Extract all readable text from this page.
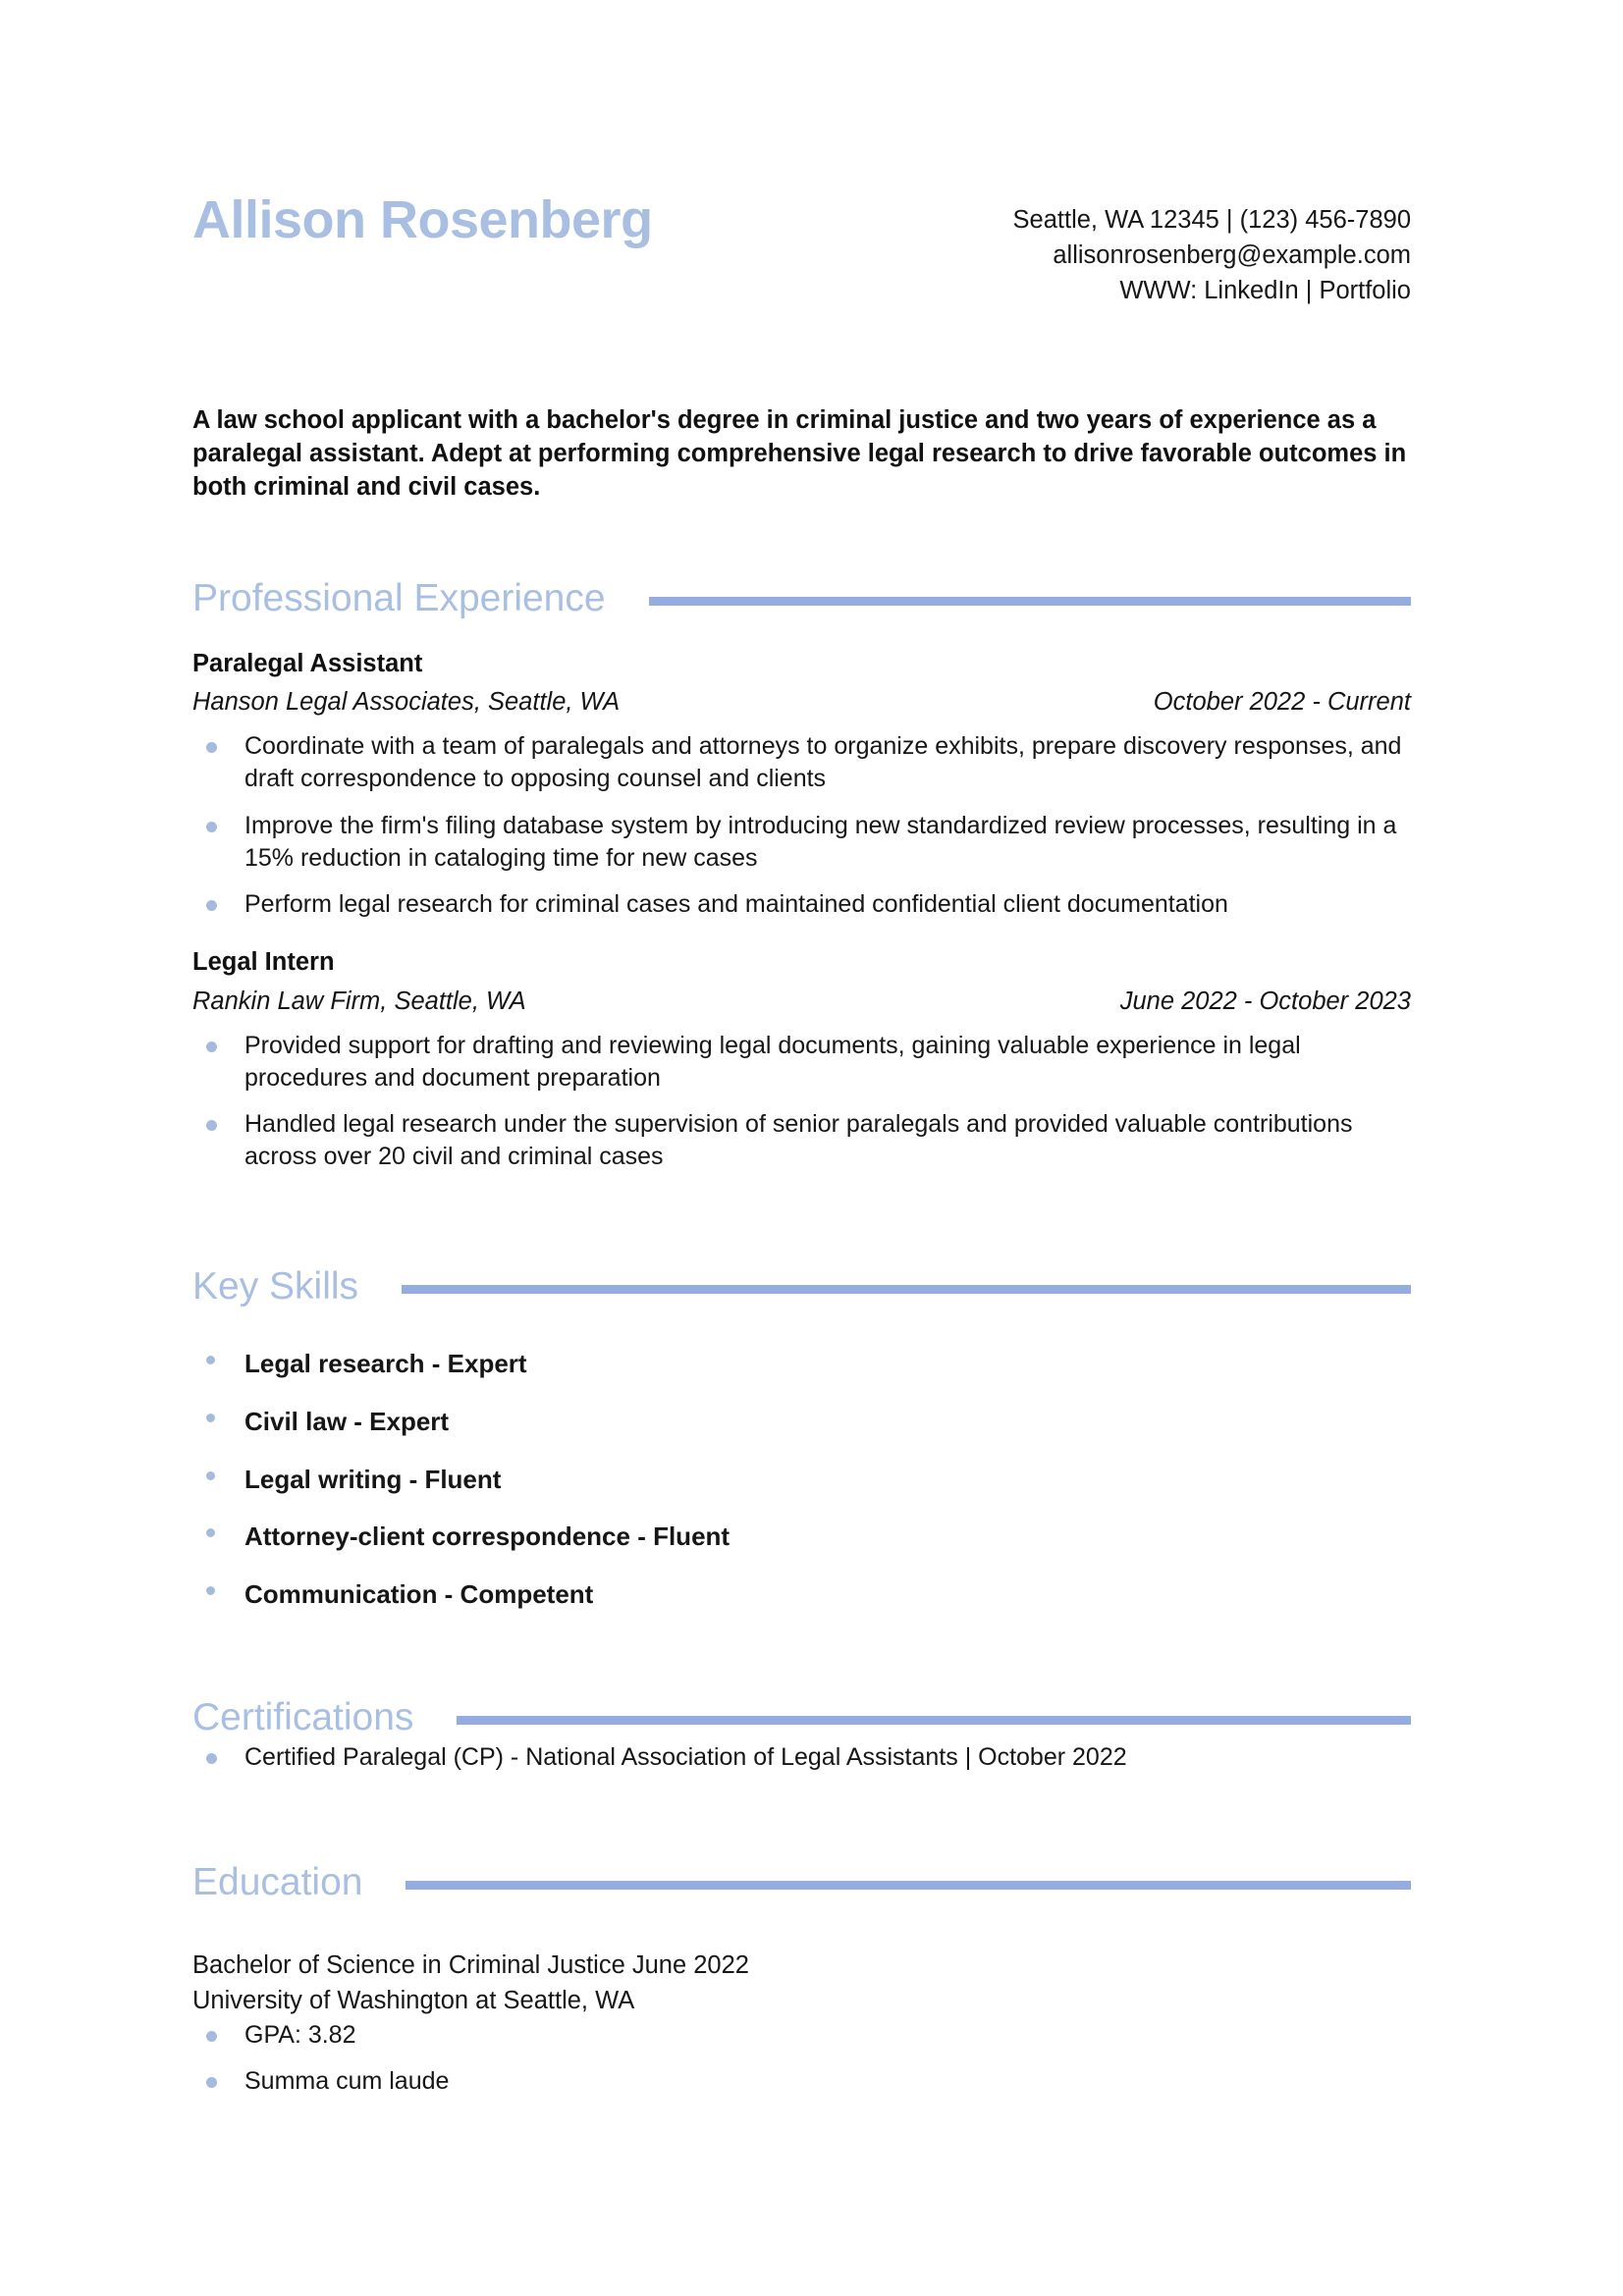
Allison Rosenberg	Seattle, WA 12345 | (123) 456-7890
allisonrosenberg@example.com
WWW: LinkedIn | Portfolio
A law school applicant with a bachelor's degree in criminal justice and two years of experience as a paralegal assistant. Adept at performing comprehensive legal research to drive favorable outcomes in both criminal and civil cases.
Professional Experience
Paralegal Assistant
Hanson Legal Associates, Seattle, WA	October 2022 - Current
Coordinate with a team of paralegals and attorneys to organize exhibits, prepare discovery responses, and draft correspondence to opposing counsel and clients
Improve the firm's filing database system by introducing new standardized review processes, resulting in a 15% reduction in cataloging time for new cases
Perform legal research for criminal cases and maintained confidential client documentation
Legal Intern
Rankin Law Firm, Seattle, WA	June 2022 - October 2023
Provided support for drafting and reviewing legal documents, gaining valuable experience in legal procedures and document preparation
Handled legal research under the supervision of senior paralegals and provided valuable contributions across over 20 civil and criminal cases
Key Skills
Legal research - Expert
Civil law - Expert
Legal writing - Fluent
Attorney-client correspondence - Fluent
Communication - Competent
Certifications
Certified Paralegal (CP) - National Association of Legal Assistants | October 2022
Education
Bachelor of Science in Criminal Justice June 2022
University of Washington at Seattle, WA
GPA: 3.82
Summa cum laude
